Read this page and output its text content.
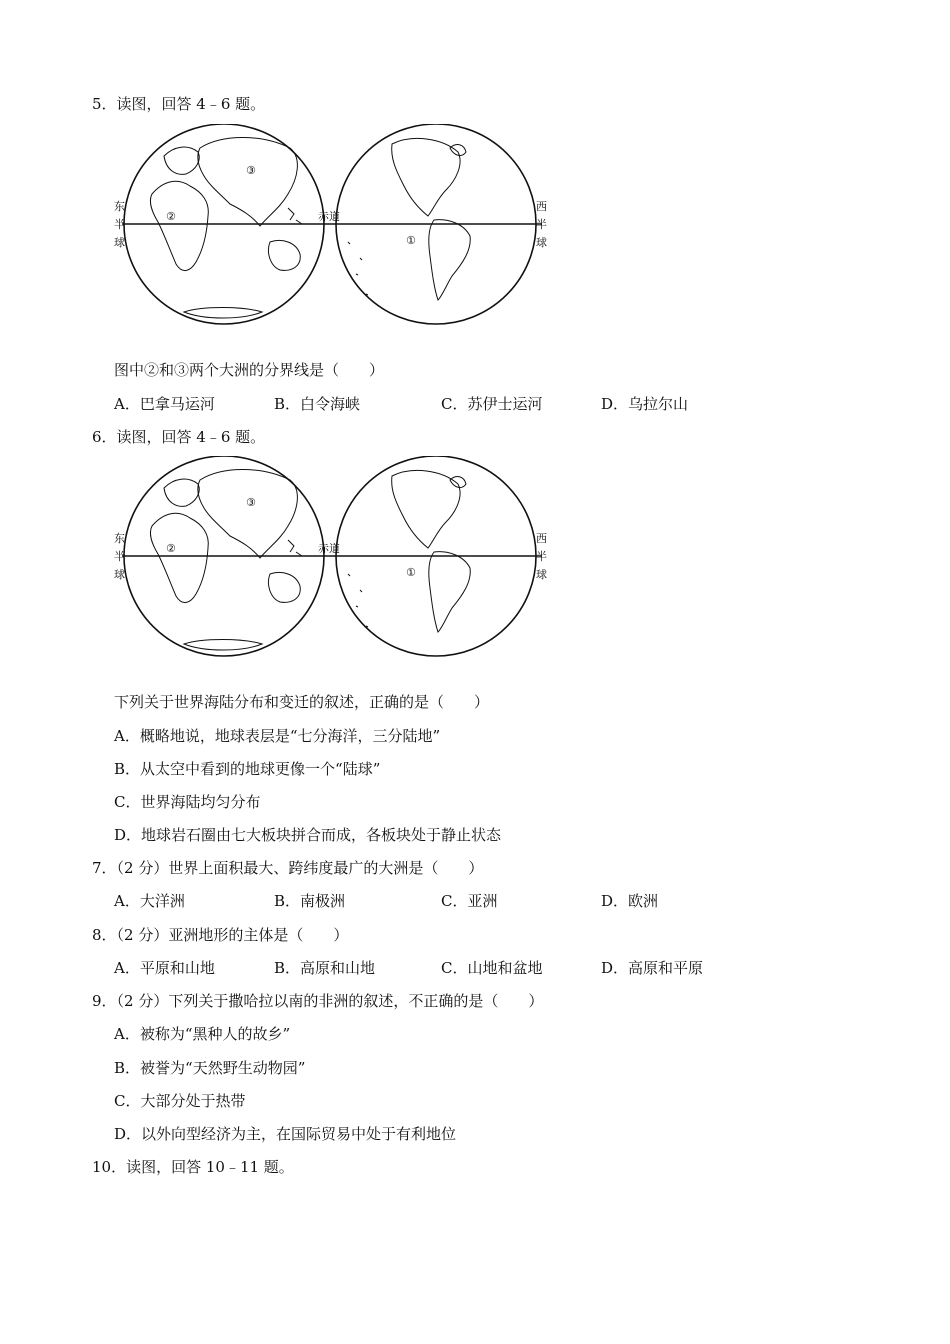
5．读图，回答 4﹣6 题。
东
半
球
西
半
球
赤道
①
②
③
图中②和③两个大洲的分界线是（　　）
A．巴拿马运河	B．白令海峡	C．苏伊士运河	D．乌拉尔山
6．读图，回答 4﹣6 题。
东
半
球
西
半
球
赤道
①
②
③
下列关于世界海陆分布和变迁的叙述，正确的是（　　）
A．概略地说，地球表层是“七分海洋，三分陆地”
B．从太空中看到的地球更像一个“陆球”
C．世界海陆均匀分布
D．地球岩石圈由七大板块拼合而成，各板块处于静止状态
7．（2 分）世界上面积最大、跨纬度最广的大洲是（　　）
A．大洋洲	B．南极洲	C．亚洲	D．欧洲
8．（2 分）亚洲地形的主体是（　　）
A．平原和山地	B．高原和山地	C．山地和盆地	D．高原和平原
9．（2 分）下列关于撒哈拉以南的非洲的叙述，不正确的是（　　）
A．被称为“黑种人的故乡”
B．被誉为“天然野生动物园”
C．大部分处于热带
D．以外向型经济为主，在国际贸易中处于有利地位
10．读图，回答 10﹣11 题。
